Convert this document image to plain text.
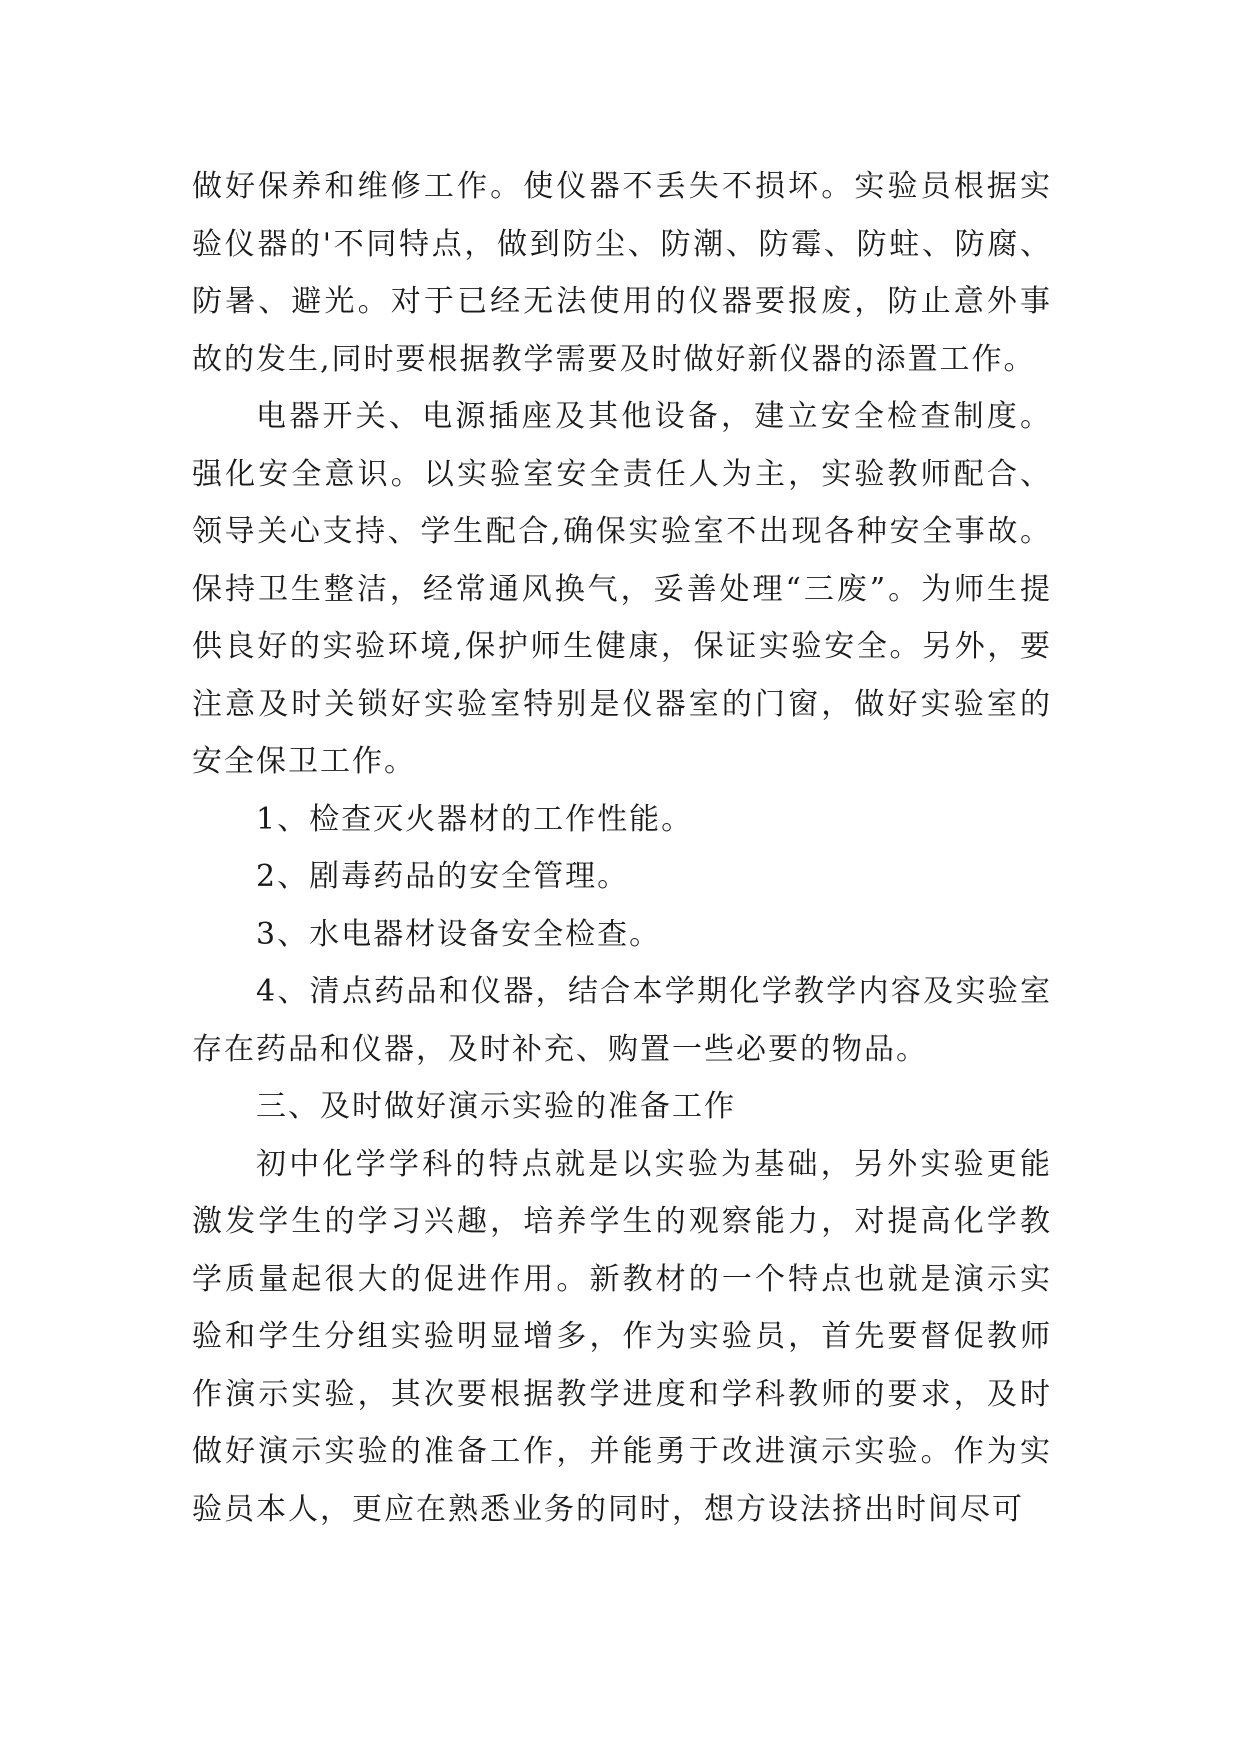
做好保养和维修工作。使仪器不丢失不损坏。实验员根据实验仪器的'不同特点，做到防尘、防潮、防霉、防蛀、防腐、防暑、避光。对于已经无法使用的仪器要报废，防止意外事故的发生,同时要根据教学需要及时做好新仪器的添置工作。

电器开关、电源插座及其他设备，建立安全检查制度。强化安全意识。以实验室安全责任人为主，实验教师配合、领导关心支持、学生配合,确保实验室不出现各种安全事故。保持卫生整洁，经常通风换气，妥善处理“三废”。为师生提供良好的实验环境,保护师生健康，保证实验安全。另外，要注意及时关锁好实验室特别是仪器室的门窗，做好实验室的安全保卫工作。

1、检查灭火器材的工作性能。

2、剧毒药品的安全管理。

3、水电器材设备安全检查。

4、清点药品和仪器，结合本学期化学教学内容及实验室存在药品和仪器，及时补充、购置一些必要的物品。

三、及时做好演示实验的准备工作

初中化学学科的特点就是以实验为基础，另外实验更能激发学生的学习兴趣，培养学生的观察能力，对提高化学教学质量起很大的促进作用。新教材的一个特点也就是演示实验和学生分组实验明显增多，作为实验员，首先要督促教师作演示实验，其次要根据教学进度和学科教师的要求，及时做好演示实验的准备工作，并能勇于改进演示实验。作为实验员本人，更应在熟悉业务的同时，想方设法挤出时间尽可
